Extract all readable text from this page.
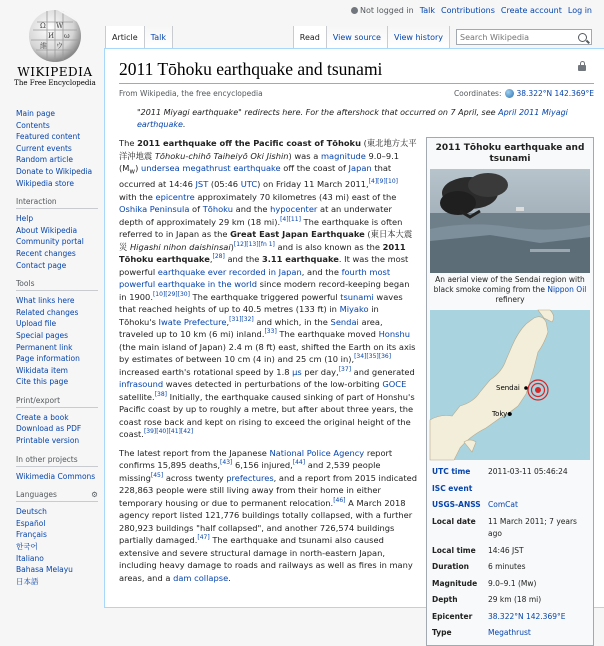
Not logged in Talk Contributions Create account Log in
Ω W
И ω
維 ウ
WIKIPEDIA
The Free Encyclopedia
Article	Talk	Read	View source	View history
Search Wikipedia
Main page
Contents
Featured content
Current events
Random article
Donate to Wikipedia
Wikipedia store
Interaction
Help
About Wikipedia
Community portal
Recent changes
Contact page
Tools
What links here
Related changes
Upload file
Special pages
Permanent link
Page information
Wikidata item
Cite this page
Print/export
Create a book
Download as PDF
Printable version
In other projects
Wikimedia Commons
Languages	⚙
Deutsch
Español
Français
한국어
Italiano
Bahasa Melayu
日本語
2011 Tōhoku earthquake and tsunami
From Wikipedia, the free encyclopedia	Coordinates: 38.322°N 142.369°E
"2011 Miyagi earthquake" redirects here. For the aftershock that occurred on 7 April, see April 2011 Miyagi earthquake.
2011 Tōhoku earthquake and tsunami
An aerial view of the Sendai region with black smoke coming from the Nippon Oil refinery
Sendai
Tokyo
UTC time	2011-03-11 05:46:24
ISC event	
USGS-ANSS	ComCat
Local date	11 March 2011; 7 years ago
Local time	14:46 JST
Duration	6 minutes
Magnitude	9.0–9.1 (Mw)
Depth	29 km (18 mi)
Epicenter	38.322°N 142.369°E
Type	Megathrust

The 2011 earthquake off the Pacific coast of Tōhoku (東北地方太平洋沖地震 Tōhoku-chihō Taiheiyō Oki Jishin) was a magnitude 9.0–9.1 $(M_w)$ undersea megathrust earthquake off the coast of Japan that occurred at 14:46 JST (05:46 UTC) on Friday 11 March 2011,[4][9][10] with the epicentre approximately 70 kilometres (43 mi) east of the Oshika Peninsula of Tōhoku and the hypocenter at an underwater depth of approximately 29 km (18 mi).[4][11] The earthquake is often referred to in Japan as the Great East Japan Earthquake (東日本大震災 Higashi nihon daishinsai)[12][13][fn 1] and is also known as the 2011 Tōhoku earthquake,[28] and the 3.11 earthquake. It was the most powerful earthquake ever recorded in Japan, and the fourth most powerful earthquake in the world since modern record-keeping began in 1900.[10][29][30] The earthquake triggered powerful tsunami waves that reached heights of up to 40.5 metres (133 ft) in Miyako in Tōhoku's Iwate Prefecture,[31][32] and which, in the Sendai area, traveled up to 10 km (6 mi) inland.[33] The earthquake moved Honshu (the main island of Japan) 2.4 m (8 ft) east, shifted the Earth on its axis by estimates of between 10 cm (4 in) and 25 cm (10 in),[34][35][36] increased earth's rotational speed by 1.8 µs per day,[37] and generated infrasound waves detected in perturbations of the low-orbiting GOCE satellite.[38] Initially, the earthquake caused sinking of part of Honshu's Pacific coast by up to roughly a metre, but after about three years, the coast rose back and kept on rising to exceed the original height of the coast.[39][40][41][42]

The latest report from the Japanese National Police Agency report confirms 15,895 deaths,[43] 6,156 injured,[44] and 2,539 people missing[45] across twenty prefectures, and a report from 2015 indicated 228,863 people were still living away from their home in either temporary housing or due to permanent relocation.[46] A March 2018 agency report listed 121,776 buildings totally collapsed, with a further 280,923 buildings "half collapsed", and another 726,574 buildings partially damaged.[47] The earthquake and tsunami also caused extensive and severe structural damage in north-eastern Japan, including heavy damage to roads and railways as well as fires in many areas, and a dam collapse.
